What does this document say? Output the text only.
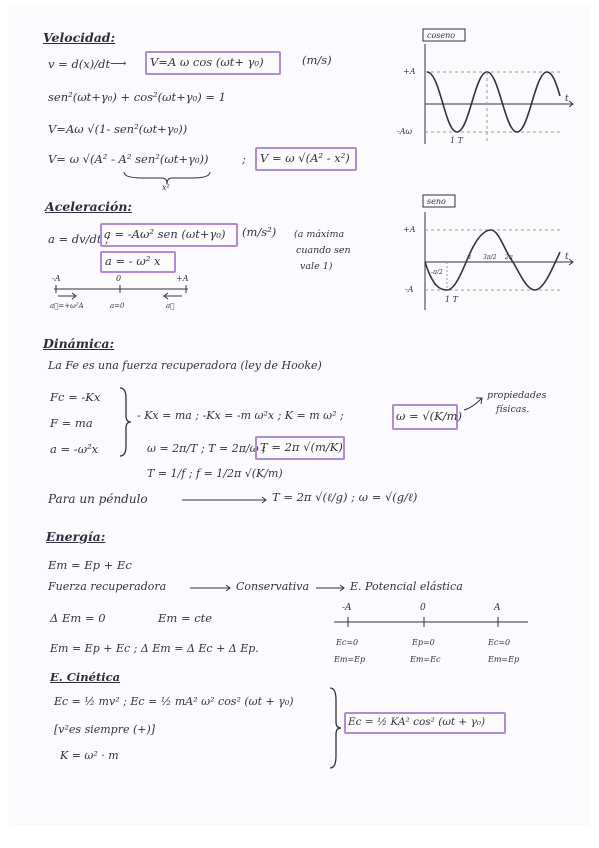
Velocidad:
v = d(x)/dt ⟶ V=A ω cos (ωt+ γ₀)	(m/s)
sen²(ωt+γ₀) + cos²(ωt+γ₀) = 1
V=Aω √(1- sen²(ωt+γ₀))
V= ω √(A² - A² sen²(ωt+γ₀))
x²
; V = ω √(A² - x²)
coseno
t
+A
-Aω
1 T
Aceleración:
a = dv/dt ;
a = -Aω² sen (ωt+γ₀) (m/s²)
a = - ω² x
(a máxima
cuando sen
vale 1)
-A	0	+A
a⃗=+ω²A	a=0	a⃗
seno
t
+A
-A
-π/2
π 3π/2 2π
1 T
Dinámica:
La Fe es una fuerza recuperadora (ley de Hooke)
Fc = -Kx
F = ma
a = -ω²x
- Kx = ma ; -Kx = -m ω²x ; K = m ω² ;	ω = √(K/m)
propiedades
físicas.
ω = 2π/T ; T = 2π/ω ;
T = 2π √(m/K)
T = 1/f ; f = 1/2π √(K/m)
Para un péndulo	T = 2π √(ℓ/g) ; ω = √(g/ℓ)
Energía:
Em = Ep + Ec
Fuerza recuperadora	Conservativa	E. Potencial elástica
Δ Em = 0	Em = cte
Em = Ep + Ec ; Δ Em = Δ Ec + Δ Ep.
-A	0	A
Ec=0	Ep=0	Ec=0
Em=Ep	Em=Ec	Em=Ep
E. Cinética
Ec = ½ mv² ; Ec = ½ mA² ω² cos² (ωt + γ₀)
[v²es siempre (+)]
K = ω² · m
Ec = ½ KA² cos² (ωt + γ₀)
